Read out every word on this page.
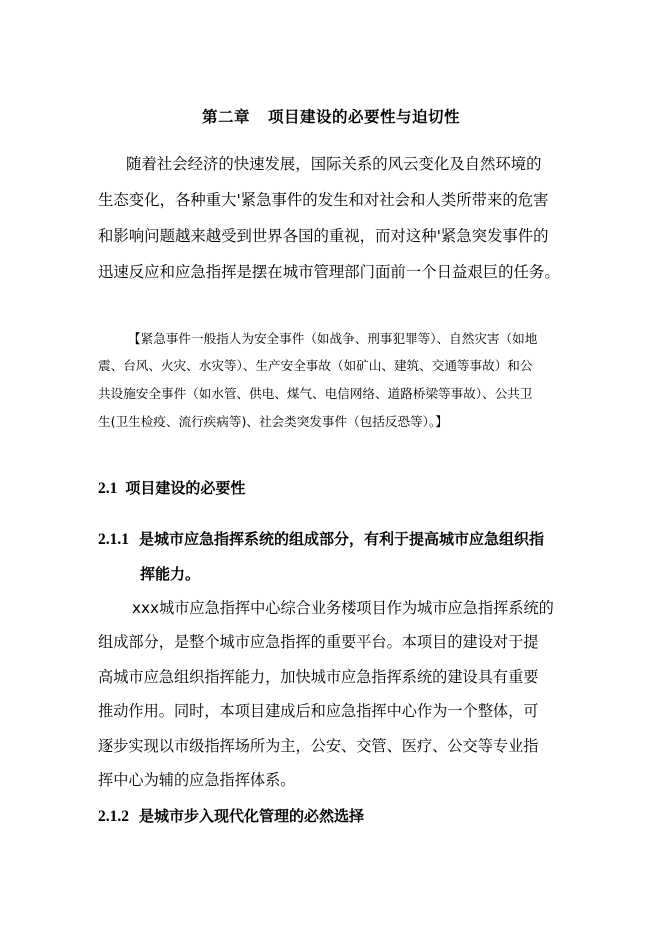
第二章 项目建设的必要性与迫切性
随着社会经济的快速发展，国际关系的风云变化及自然环境的
生态变化，各种重大'紧急事件的发生和对社会和人类所带来的危害
和影响问题越来越受到世界各国的重视，而对这种'紧急突发事件的
迅速反应和应急指挥是摆在城市管理部门面前一个日益艰巨的任务。
【紧急事件一般指人为安全事件（如战争、刑事犯罪等）、自然灾害（如地
震、台风、火灾、水灾等）、生产安全事故（如矿山、建筑、交通等事故）和公
共设施安全事件（如水管、供电、煤气、电信网络、道路桥梁等事故）、公共卫
生(卫生检疫、流行疾病等)、社会类突发事件（包括反恐等）。】
2.1 项目建设的必要性
2.1.1 是城市应急指挥系统的组成部分，有利于提高城市应急组织指
挥能力。
xxx城市应急指挥中心综合业务楼项目作为城市应急指挥系统的
组成部分，是整个城市应急指挥的重要平台。本项目的建设对于提
高城市应急组织指挥能力，加快城市应急指挥系统的建设具有重要
推动作用。同时，本项目建成后和应急指挥中心作为一个整体，可
逐步实现以市级指挥场所为主，公安、交管、医疗、公交等专业指
挥中心为辅的应急指挥体系。
2.1.2 是城市步入现代化管理的必然选择
